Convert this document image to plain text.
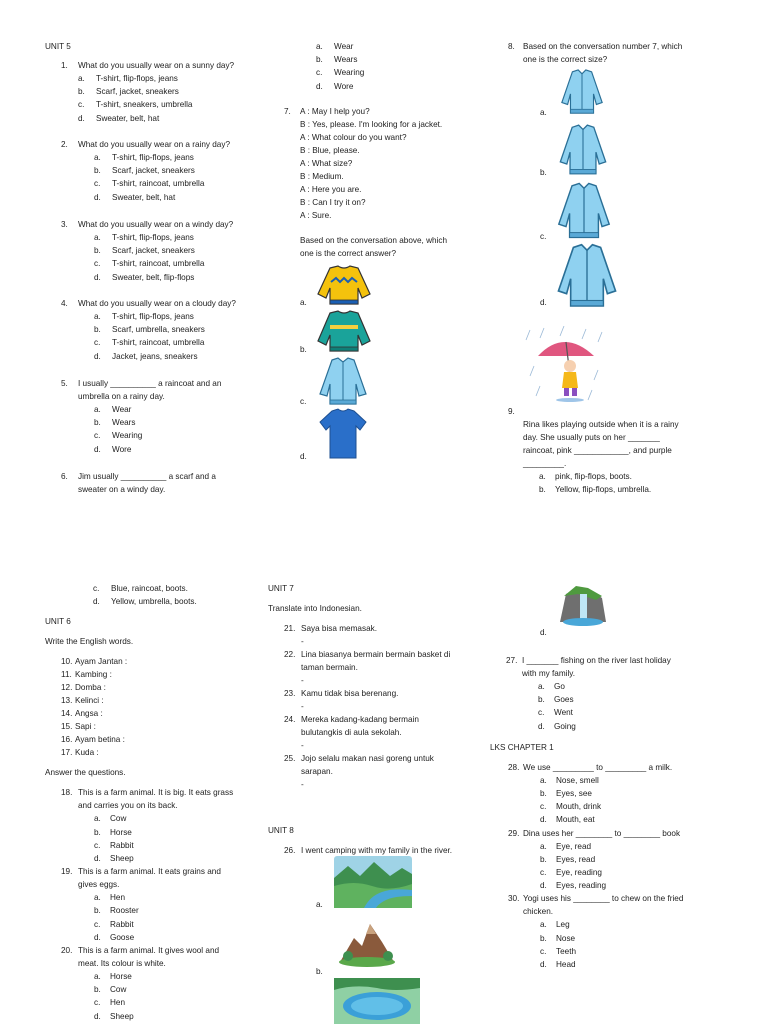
UNIT 5
1. What do you usually wear on a sunny day?
a. T-shirt, flip-flops, jeans
b. Scarf, jacket, sneakers
c. T-shirt, sneakers, umbrella
d. Sweater, belt, hat
2. What do you usually wear on a rainy day?
a. T-shirt, flip-flops, jeans
b. Scarf, jacket, sneakers
c. T-shirt, raincoat, umbrella
d. Sweater, belt, hat
3. What do you usually wear on a windy day?
a. T-shirt, flip-flops, jeans
b. Scarf, jacket, sneakers
c. T-shirt, raincoat, umbrella
d. Sweater, belt, flip-flops
4. What do you usually wear on a cloudy day?
a. T-shirt, flip-flops, jeans
b. Scarf, umbrella, sneakers
c. T-shirt, raincoat, umbrella
d. Jacket, jeans, sneakers
5. I usually __________ a raincoat and an
umbrella on a rainy day.
a. Wear
b. Wears
c. Wearing
d. Wore
6. Jim usually __________ a scarf and a
sweater on a windy day.
a. Wear
b. Wears
c. Wearing
d. Wore
7. A : May I help you?
B : Yes, please. I'm looking for a jacket.
A : What colour do you want?
B : Blue, please.
A : What size?
B : Medium.
A : Here you are.
B : Can I try it on?
A : Sure.
Based on the conversation above, which
one is the correct answer?
a.
b.
c.
d.
8. Based on the conversation number 7, which
one is the correct size?
a.
b.
c.
d.
9.
Rina likes playing outside when it is a rainy
day. She usually puts on her _______
raincoat, pink ____________, and purple
_________.
a. pink, flip-flops, boots.
b. Yellow, flip-flops, umbrella.
c. Blue, raincoat, boots.
d. Yellow, umbrella, boots.
UNIT 6
Write the English words.
10. Ayam Jantan :
11. Kambing :
12. Domba :
13. Kelinci :
14. Angsa :
15. Sapi :
16. Ayam betina :
17. Kuda :
Answer the questions.
18. This is a farm animal. It is big. It eats grass
and carries you on its back.
a. Cow
b. Horse
c. Rabbit
d. Sheep
19. This is a farm animal. It eats grains and
gives eggs.
a. Hen
b. Rooster
c. Rabbit
d. Goose
20. This is a farm animal. It gives wool and
meat. Its colour is white.
a. Horse
b. Cow
c. Hen
d. Sheep
UNIT 7
Translate into Indonesian.
21. Saya bisa memasak.
-
22. Lina biasanya bermain bermain basket di
taman bermain.
-
23. Kamu tidak bisa berenang.
-
24. Mereka kadang-kadang bermain
bulutangkis di aula sekolah.
-
25. Jojo selalu makan nasi goreng untuk
sarapan.
-
UNIT 8
26. I went camping with my family in the river.
a.
b.
d.
27. I _______ fishing on the river last holiday
with my family.
a. Go
b. Goes
c. Went
d. Going
LKS CHAPTER 1
28. We use _________ to _________ a milk.
a. Nose, smell
b. Eyes, see
c. Mouth, drink
d. Mouth, eat
29. Dina uses her ________ to ________ book
a. Eye, read
b. Eyes, read
c. Eye, reading
d. Eyes, reading
30. Yogi uses his ________ to chew on the fried
chicken.
a. Leg
b. Nose
c. Teeth
d. Head
